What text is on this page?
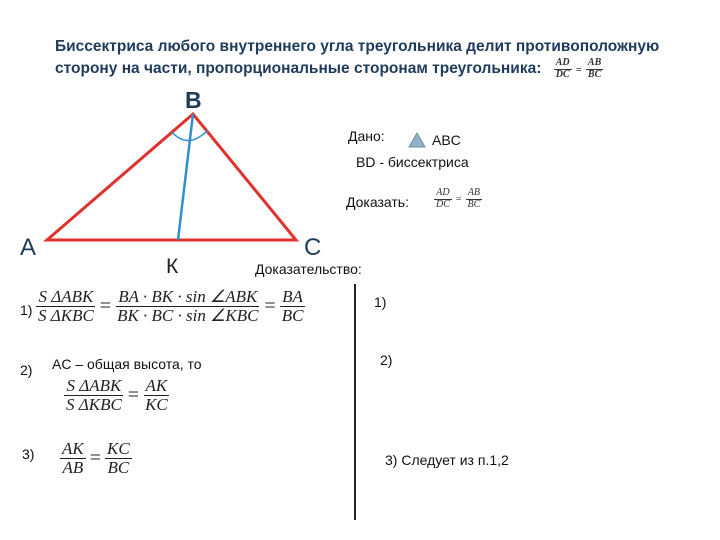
Биссектриса любого внутреннего угла треугольника делит противоположную
сторону на части, пропорциональные сторонам треугольника: $\frac{AD}{DC} = \frac{AB}{BC}$
B
A	C
К
Дано:	ABC
BD - биссектриса
Доказать:	$\frac{AD}{DC} = \frac{AB}{BC}$
Доказательство:
$1) \frac{\text{S ΔABK}}{\text{S ΔKBC}} = \frac{\text{BA · BK · sin ∠ABK}}{\text{BK · BC · sin ∠KBC}} = \frac{BA}{BC}$
2) AC – общая высота, то
$\frac{\text{S ΔABK}}{\text{S ΔKBC}} = \frac{AK}{KC}$
$3) \frac{AK}{AB} = \frac{KC}{BC}$
1)
2)
3) Следует из п.1,2
